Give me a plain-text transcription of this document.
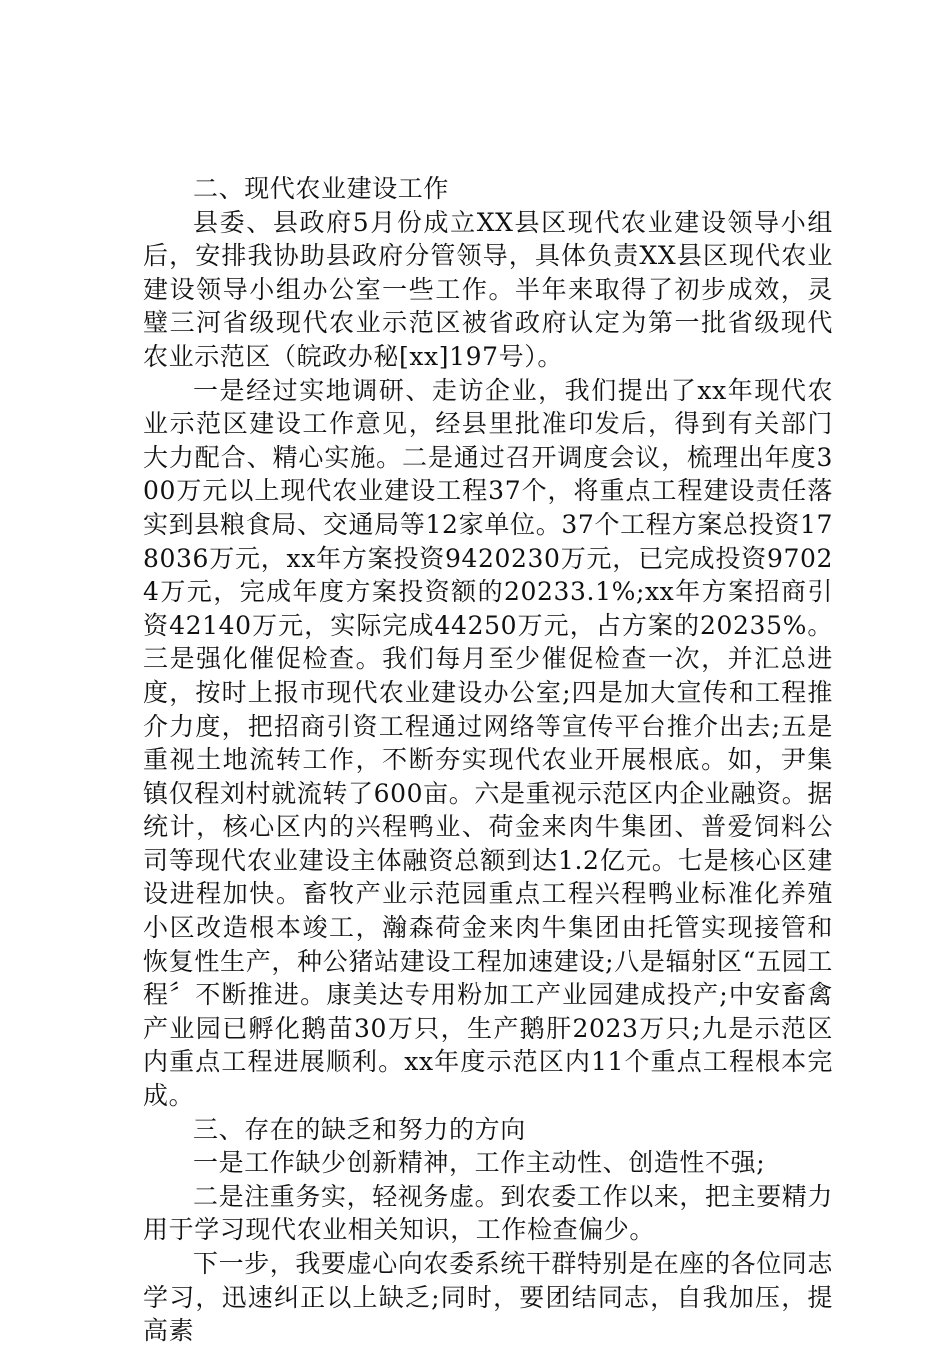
二、现代农业建设工作

县委、县政府5月份成立XX县区现代农业建设领导小组后，安排我协助县政府分管领导，具体负责XX县区现代农业建设领导小组办公室一些工作。半年来取得了初步成效，灵璧三河省级现代农业示范区被省政府认定为第一批省级现代农业示范区（皖政办秘[xx]197号）。

一是经过实地调研、走访企业，我们提出了xx年现代农业示范区建设工作意见，经县里批准印发后，得到有关部门大力配合、精心实施。二是通过召开调度会议，梳理出年度300万元以上现代农业建设工程37个，将重点工程建设责任落实到县粮食局、交通局等12家单位。37个工程方案总投资178036万元，xx年方案投资9420230万元，已完成投资97024万元，完成年度方案投资额的20233.1%;xx年方案招商引资42140万元，实际完成44250万元，占方案的20235%。三是强化催促检查。我们每月至少催促检查一次，并汇总进度，按时上报市现代农业建设办公室;四是加大宣传和工程推介力度，把招商引资工程通过网络等宣传平台推介出去;五是重视土地流转工作，不断夯实现代农业开展根底。如，尹集镇仅程刘村就流转了600亩。六是重视示范区内企业融资。据统计，核心区内的兴程鸭业、荷金来肉牛集团、普爱饲料公司等现代农业建设主体融资总额到达1.2亿元。七是核心区建设进程加快。畜牧产业示范园重点工程兴程鸭业标准化养殖小区改造根本竣工，瀚森荷金来肉牛集团由托管实现接管和恢复性生产，种公猪站建设工程加速建设;八是辐射区“五园工程〞不断推进。康美达专用粉加工产业园建成投产;中安畜禽产业园已孵化鹅苗30万只，生产鹅肝2023万只;九是示范区内重点工程进展顺利。xx年度示范区内11个重点工程根本完成。

三、存在的缺乏和努力的方向

一是工作缺少创新精神，工作主动性、创造性不强;

二是注重务实，轻视务虚。到农委工作以来，把主要精力用于学习现代农业相关知识，工作检查偏少。

下一步，我要虚心向农委系统干群特别是在座的各位同志学习，迅速纠正以上缺乏;同时，要团结同志，自我加压，提高素
